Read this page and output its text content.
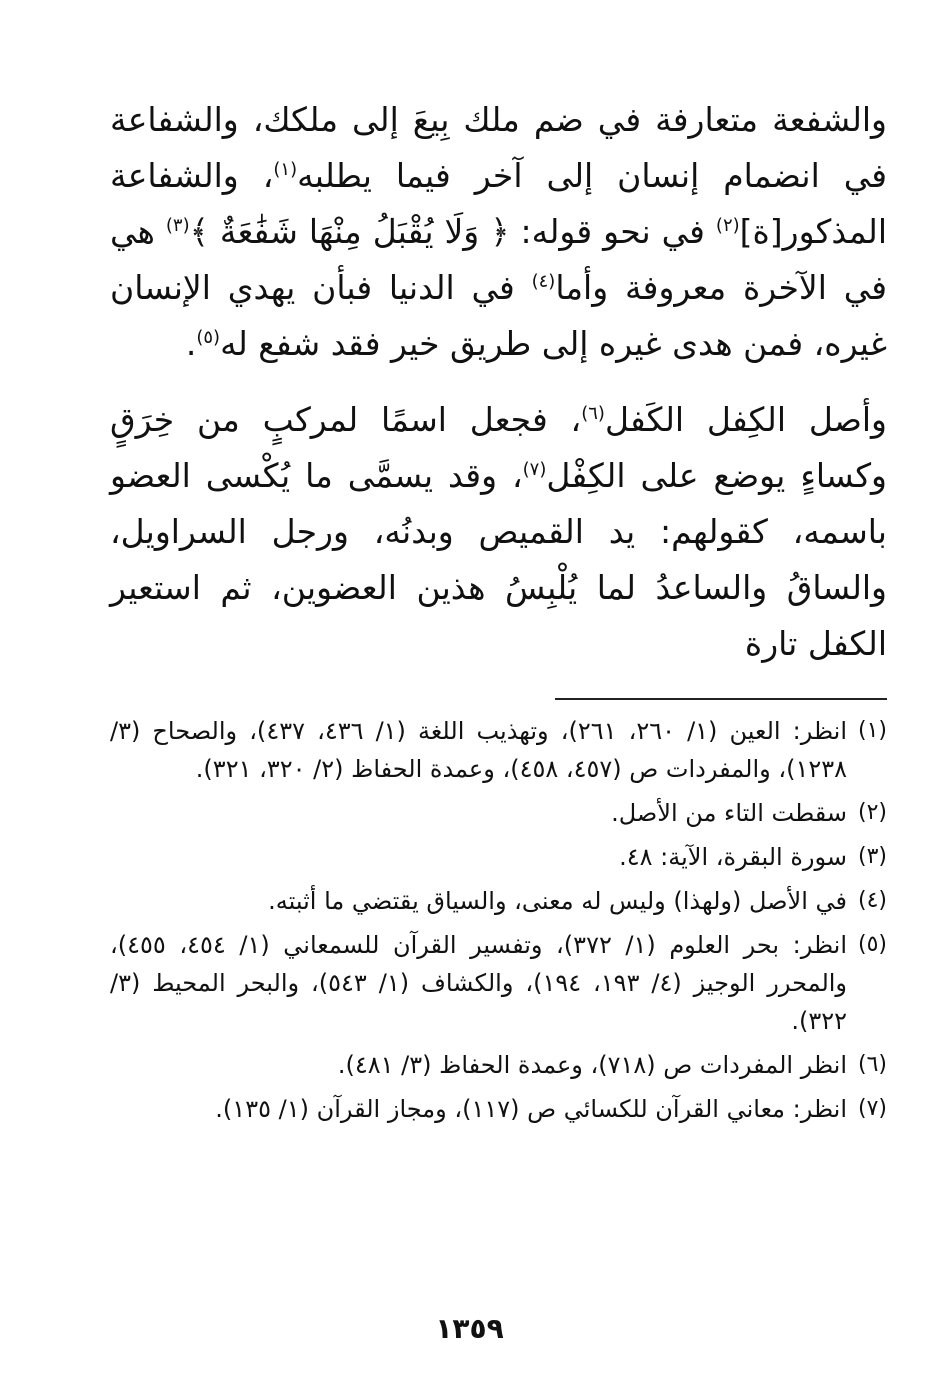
والشفعة متعارفة في ضم ملك بِيعَ إلى ملكك، والشفاعة في انضمام إنسان إلى آخر فيما يطلبه$^{(١)}$، والشفاعة المذكور[ة]$^{(٢)}$ في نحو قوله: ﴿ وَلَا يُقْبَلُ مِنْهَا شَفَٰعَةٌ ﴾$^{(٣)}$ هي في الآخرة معروفة وأما$^{(٤)}$ في الدنيا فبأن يهدي الإنسان غيره، فمن هدى غيره إلى طريق خير فقد شفع له$^{(٥)}$.

وأصل الكِفل الكَفل$^{(٦)}$، فجعل اسمًا لمركبٍ من خِرَقٍ وكساءٍ يوضع على الكِفْل$^{(٧)}$، وقد يسمَّى ما يُكْسى العضو باسمه، كقولهم: يد القميص وبدنُه، ورجل السراويل، والساقُ والساعدُ لما يُلْبِسُ هذين العضوين، ثم استعير الكفل تارة

(١)
انظر: العين (١/ ٢٦٠، ٢٦١)، وتهذيب اللغة (١/ ٤٣٦، ٤٣٧)، والصحاح (٣/ ١٢٣٨)، والمفردات ص (٤٥٧، ٤٥٨)، وعمدة الحفاظ (٢/ ٣٢٠، ٣٢١).
(٢)
سقطت التاء من الأصل.
(٣)
سورة البقرة، الآية: ٤٨.
(٤)
في الأصل (ولهذا) وليس له معنى، والسياق يقتضي ما أثبته.
(٥)
انظر: بحر العلوم (١/ ٣٧٢)، وتفسير القرآن للسمعاني (١/ ٤٥٤، ٤٥٥)، والمحرر الوجيز (٤/ ١٩٣، ١٩٤)، والكشاف (١/ ٥٤٣)، والبحر المحيط (٣/ ٣٢٢).
(٦)
انظر المفردات ص (٧١٨)، وعمدة الحفاظ (٣/ ٤٨١).
(٧)
انظر: معاني القرآن للكسائي ص (١١٧)، ومجاز القرآن (١/ ١٣٥).
١٣٥٩
